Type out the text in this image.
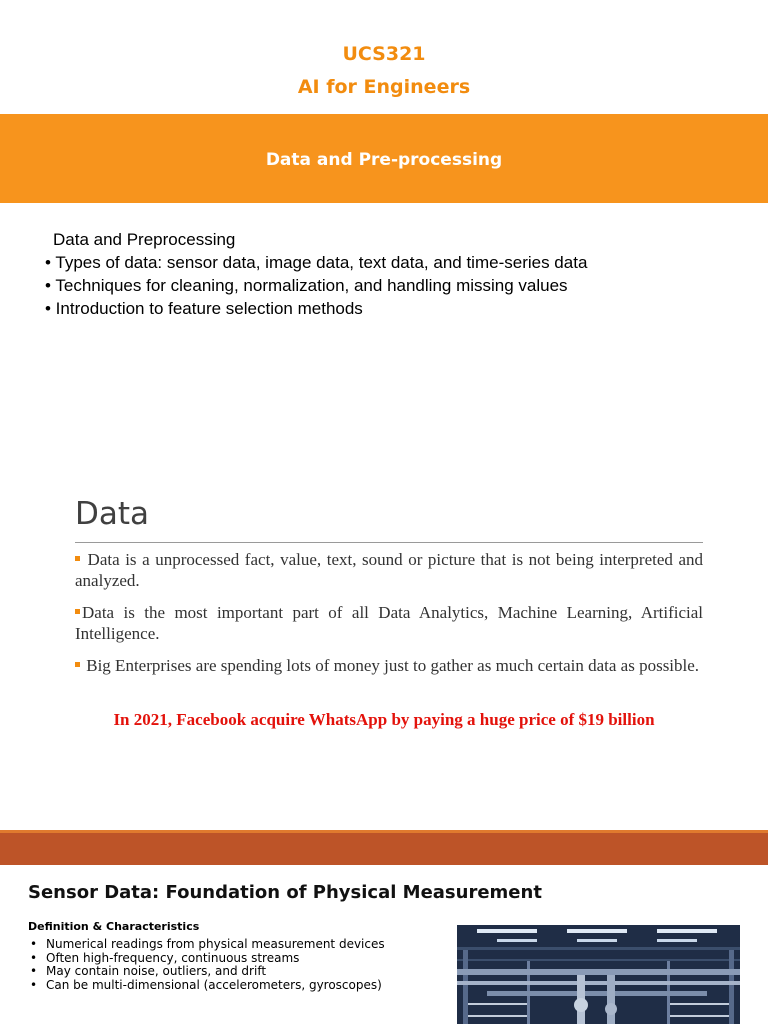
UCS321
AI for Engineers
Data and Pre-processing
Data and Preprocessing
• Types of data: sensor data, image data, text data, and time-series data
• Techniques for cleaning, normalization, and handling missing values
• Introduction to feature selection methods
Data
Data is a unprocessed fact, value, text, sound or picture that is not being interpreted and analyzed.
Data is the most important part of all Data Analytics, Machine Learning, Artificial Intelligence.
Big Enterprises are spending lots of money just to gather as much certain data as possible.
In 2021, Facebook acquire WhatsApp by paying a huge price of $19 billion
Sensor Data: Foundation of Physical Measurement
Definition & Characteristics
• Numerical readings from physical measurement devices
• Often high-frequency, continuous streams
• May contain noise, outliers, and drift
• Can be multi-dimensional (accelerometers, gyroscopes)
